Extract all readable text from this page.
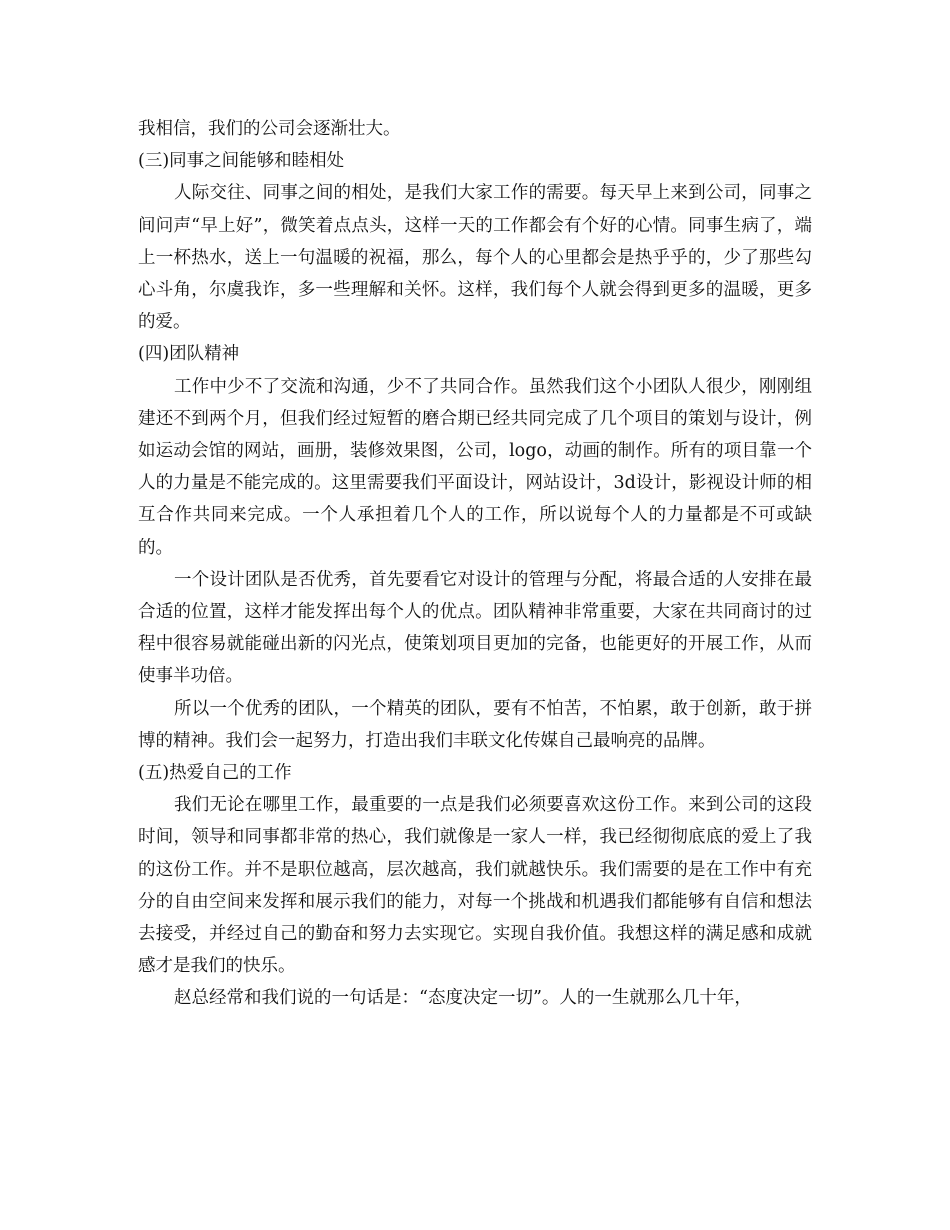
我相信，我们的公司会逐渐壮大。

(三)同事之间能够和睦相处

人际交往、同事之间的相处，是我们大家工作的需要。每天早上来到公司，同事之间问声“早上好”，微笑着点点头，这样一天的工作都会有个好的心情。同事生病了，端上一杯热水，送上一句温暖的祝福，那么，每个人的心里都会是热乎乎的，少了那些勾心斗角，尔虞我诈，多一些理解和关怀。这样，我们每个人就会得到更多的温暖，更多的爱。

(四)团队精神

工作中少不了交流和沟通，少不了共同合作。虽然我们这个小团队人很少，刚刚组建还不到两个月，但我们经过短暂的磨合期已经共同完成了几个项目的策划与设计，例如运动会馆的网站，画册，装修效果图，公司，logo，动画的制作。所有的项目靠一个人的力量是不能完成的。这里需要我们平面设计，网站设计，3d设计，影视设计师的相互合作共同来完成。一个人承担着几个人的工作，所以说每个人的力量都是不可或缺的。

一个设计团队是否优秀，首先要看它对设计的管理与分配，将最合适的人安排在最合适的位置，这样才能发挥出每个人的优点。团队精神非常重要，大家在共同商讨的过程中很容易就能碰出新的闪光点，使策划项目更加的完备，也能更好的开展工作，从而使事半功倍。

所以一个优秀的团队，一个精英的团队，要有不怕苦，不怕累，敢于创新，敢于拼博的精神。我们会一起努力，打造出我们丰联文化传媒自己最响亮的品牌。

(五)热爱自己的工作

我们无论在哪里工作，最重要的一点是我们必须要喜欢这份工作。来到公司的这段时间，领导和同事都非常的热心，我们就像是一家人一样，我已经彻彻底底的爱上了我的这份工作。并不是职位越高，层次越高，我们就越快乐。我们需要的是在工作中有充分的自由空间来发挥和展示我们的能力，对每一个挑战和机遇我们都能够有自信和想法去接受，并经过自己的勤奋和努力去实现它。实现自我价值。我想这样的满足感和成就感才是我们的快乐。

赵总经常和我们说的一句话是：“态度决定一切”。人的一生就那么几十年，
